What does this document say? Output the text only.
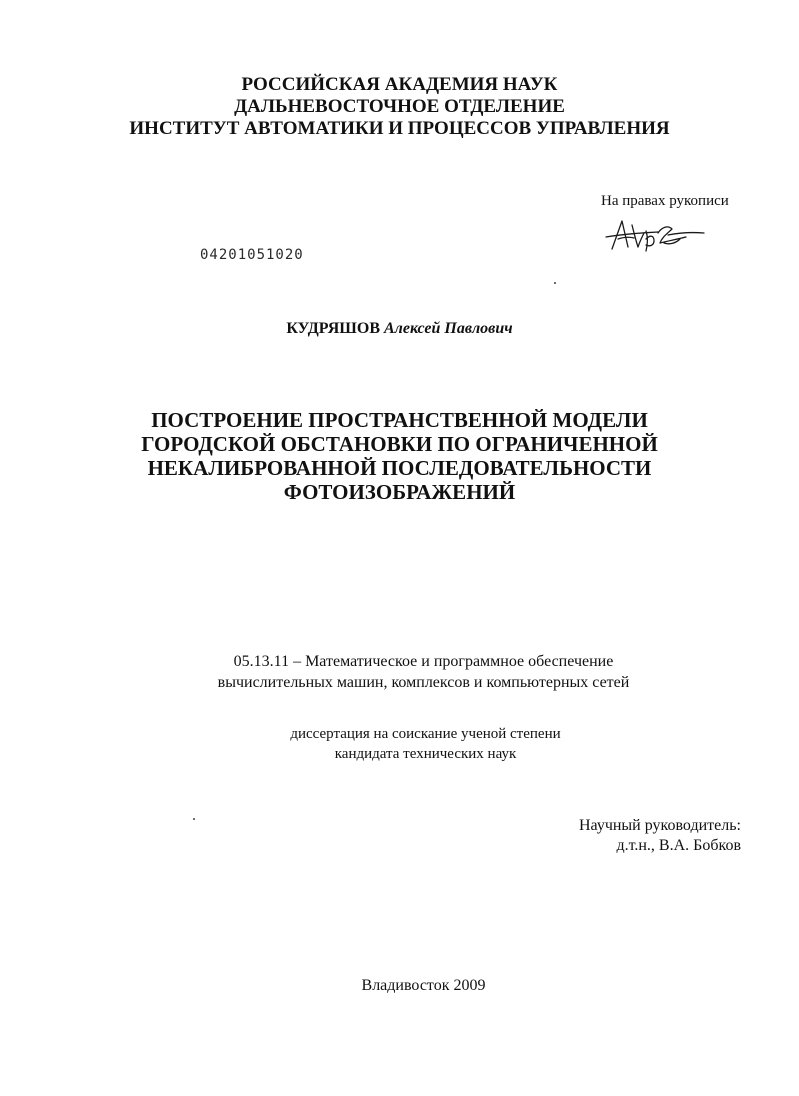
РОССИЙСКАЯ АКАДЕМИЯ НАУК
ДАЛЬНЕВОСТОЧНОЕ ОТДЕЛЕНИЕ
ИНСТИТУТ АВТОМАТИКИ И ПРОЦЕССОВ УПРАВЛЕНИЯ
На правах рукописи
04201051020
КУДРЯШОВ Алексей Павлович
ПОСТРОЕНИЕ ПРОСТРАНСТВЕННОЙ МОДЕЛИ
ГОРОДСКОЙ ОБСТАНОВКИ ПО ОГРАНИЧЕННОЙ
НЕКАЛИБРОВАННОЙ ПОСЛЕДОВАТЕЛЬНОСТИ
ФОТОИЗОБРАЖЕНИЙ
05.13.11 – Математическое и программное обеспечение
вычислительных машин, комплексов и компьютерных сетей
диссертация на соискание ученой степени
кандидата технических наук
Научный руководитель:
д.т.н., В.А. Бобков
Владивосток 2009
